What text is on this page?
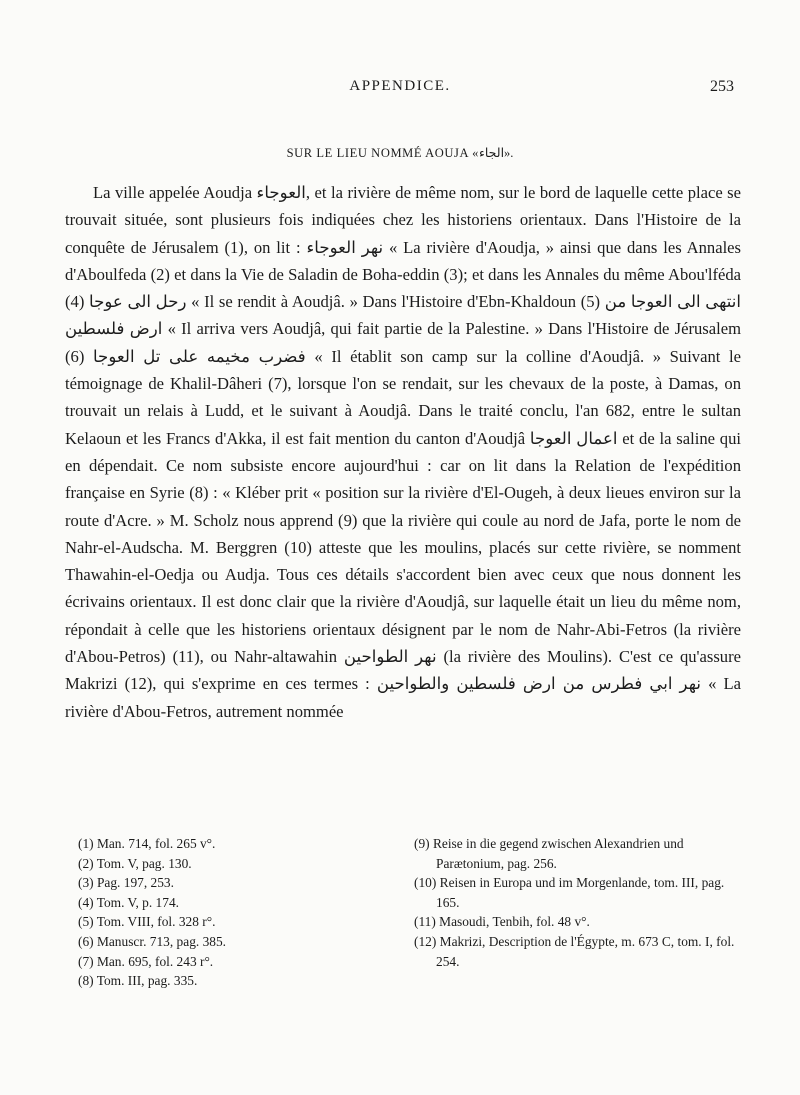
APPENDICE.	253
SUR LE LIEU NOMMÉ AOUJA «الجاء».

La ville appelée Aoudja العوجاء, et la rivière de même nom, sur le bord de laquelle cette place se trouvait située, sont plusieurs fois indiquées chez les historiens orientaux. Dans l'Histoire de la conquête de Jérusalem (1), on lit : نهر العوجاء « La rivière d'Aoudja, » ainsi que dans les Annales d'Aboulfeda (2) et dans la Vie de Saladin de Boha-eddin (3); et dans les Annales du même Abou'lféda (4) رحل الى عوجا « Il se rendit à Aoudjâ. » Dans l'Histoire d'Ebn-Khaldoun (5) انتهى الى العوجا من ارض فلسطين « Il arriva vers Aoudjâ, qui fait partie de la Palestine. » Dans l'Histoire de Jérusalem (6) فضرب مخيمه على تل العوجا « Il établit son camp sur la colline d'Aoudjâ. » Suivant le témoignage de Khalil-Dâheri (7), lorsque l'on se rendait, sur les chevaux de la poste, à Damas, on trouvait un relais à Ludd, et le suivant à Aoudjâ. Dans le traité conclu, l'an 682, entre le sultan Kelaoun et les Francs d'Akka, il est fait mention du canton d'Aoudjâ اعمال العوجا et de la saline qui en dépendait. Ce nom subsiste encore aujourd'hui : car on lit dans la Relation de l'expédition française en Syrie (8) : « Kléber prit « position sur la rivière d'El-Ougeh, à deux lieues environ sur la route d'Acre. » M. Scholz nous apprend (9) que la rivière qui coule au nord de Jafa, porte le nom de Nahr-el-Audscha. M. Berggren (10) atteste que les moulins, placés sur cette rivière, se nomment Thawahin-el-Oedja ou Audja. Tous ces détails s'accordent bien avec ceux que nous donnent les écrivains orientaux. Il est donc clair que la rivière d'Aoudjâ, sur laquelle était un lieu du même nom, répondait à celle que les historiens orientaux désignent par le nom de Nahr-Abi-Fetros (la rivière d'Abou-Petros) (11), ou Nahr-altawahin نهر الطواحين (la rivière des Moulins). C'est ce qu'assure Makrizi (12), qui s'exprime en ces termes : نهر ابي فطرس من ارض فلسطين والطواحين « La rivière d'Abou-Fetros, autrement nommée

(1) Man. 714, fol. 265 v°.
(2) Tom. V, pag. 130.
(3) Pag. 197, 253.
(4) Tom. V, p. 174.
(5) Tom. VIII, fol. 328 r°.
(6) Manuscr. 713, pag. 385.
(7) Man. 695, fol. 243 r°.
(8) Tom. III, pag. 335.
(9) Reise in die gegend zwischen Alexandrien und Parætonium, pag. 256.
(10) Reisen in Europa und im Morgenlande, tom. III, pag. 165.
(11) Masoudi, Tenbih, fol. 48 v°.
(12) Makrizi, Description de l'Égypte, m. 673 C, tom. I, fol. 254.
